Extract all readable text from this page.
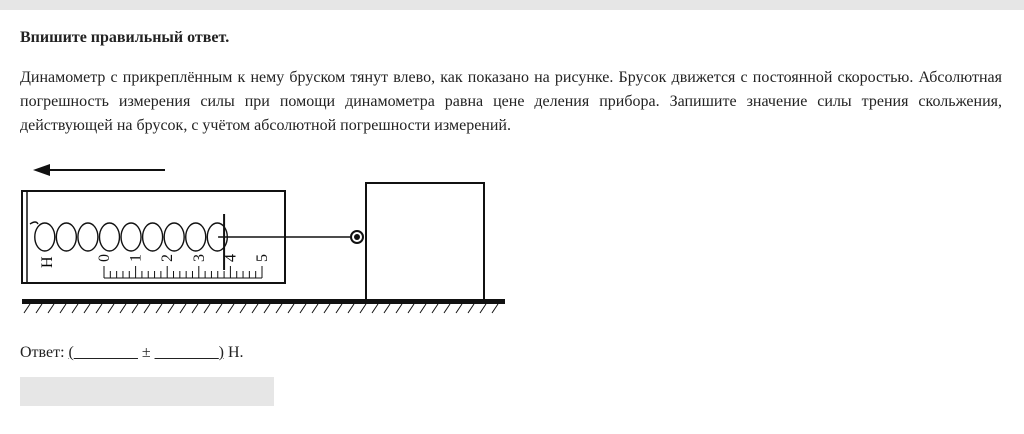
Впишите правильный ответ.

Динамометр с прикреплённым к нему бруском тянут влево, как показано на рисунке. Брусок движется с постоянной скоростью. Абсолютная погрешность измерения силы при помощи динамометра равна цене деления прибора. Запишите значение силы трения скольжения, действующей на брусок, с учётом абсолютной погрешности измерений.

0 1 2 3 4 5
Н
Ответ: (________ ± ________) Н.
